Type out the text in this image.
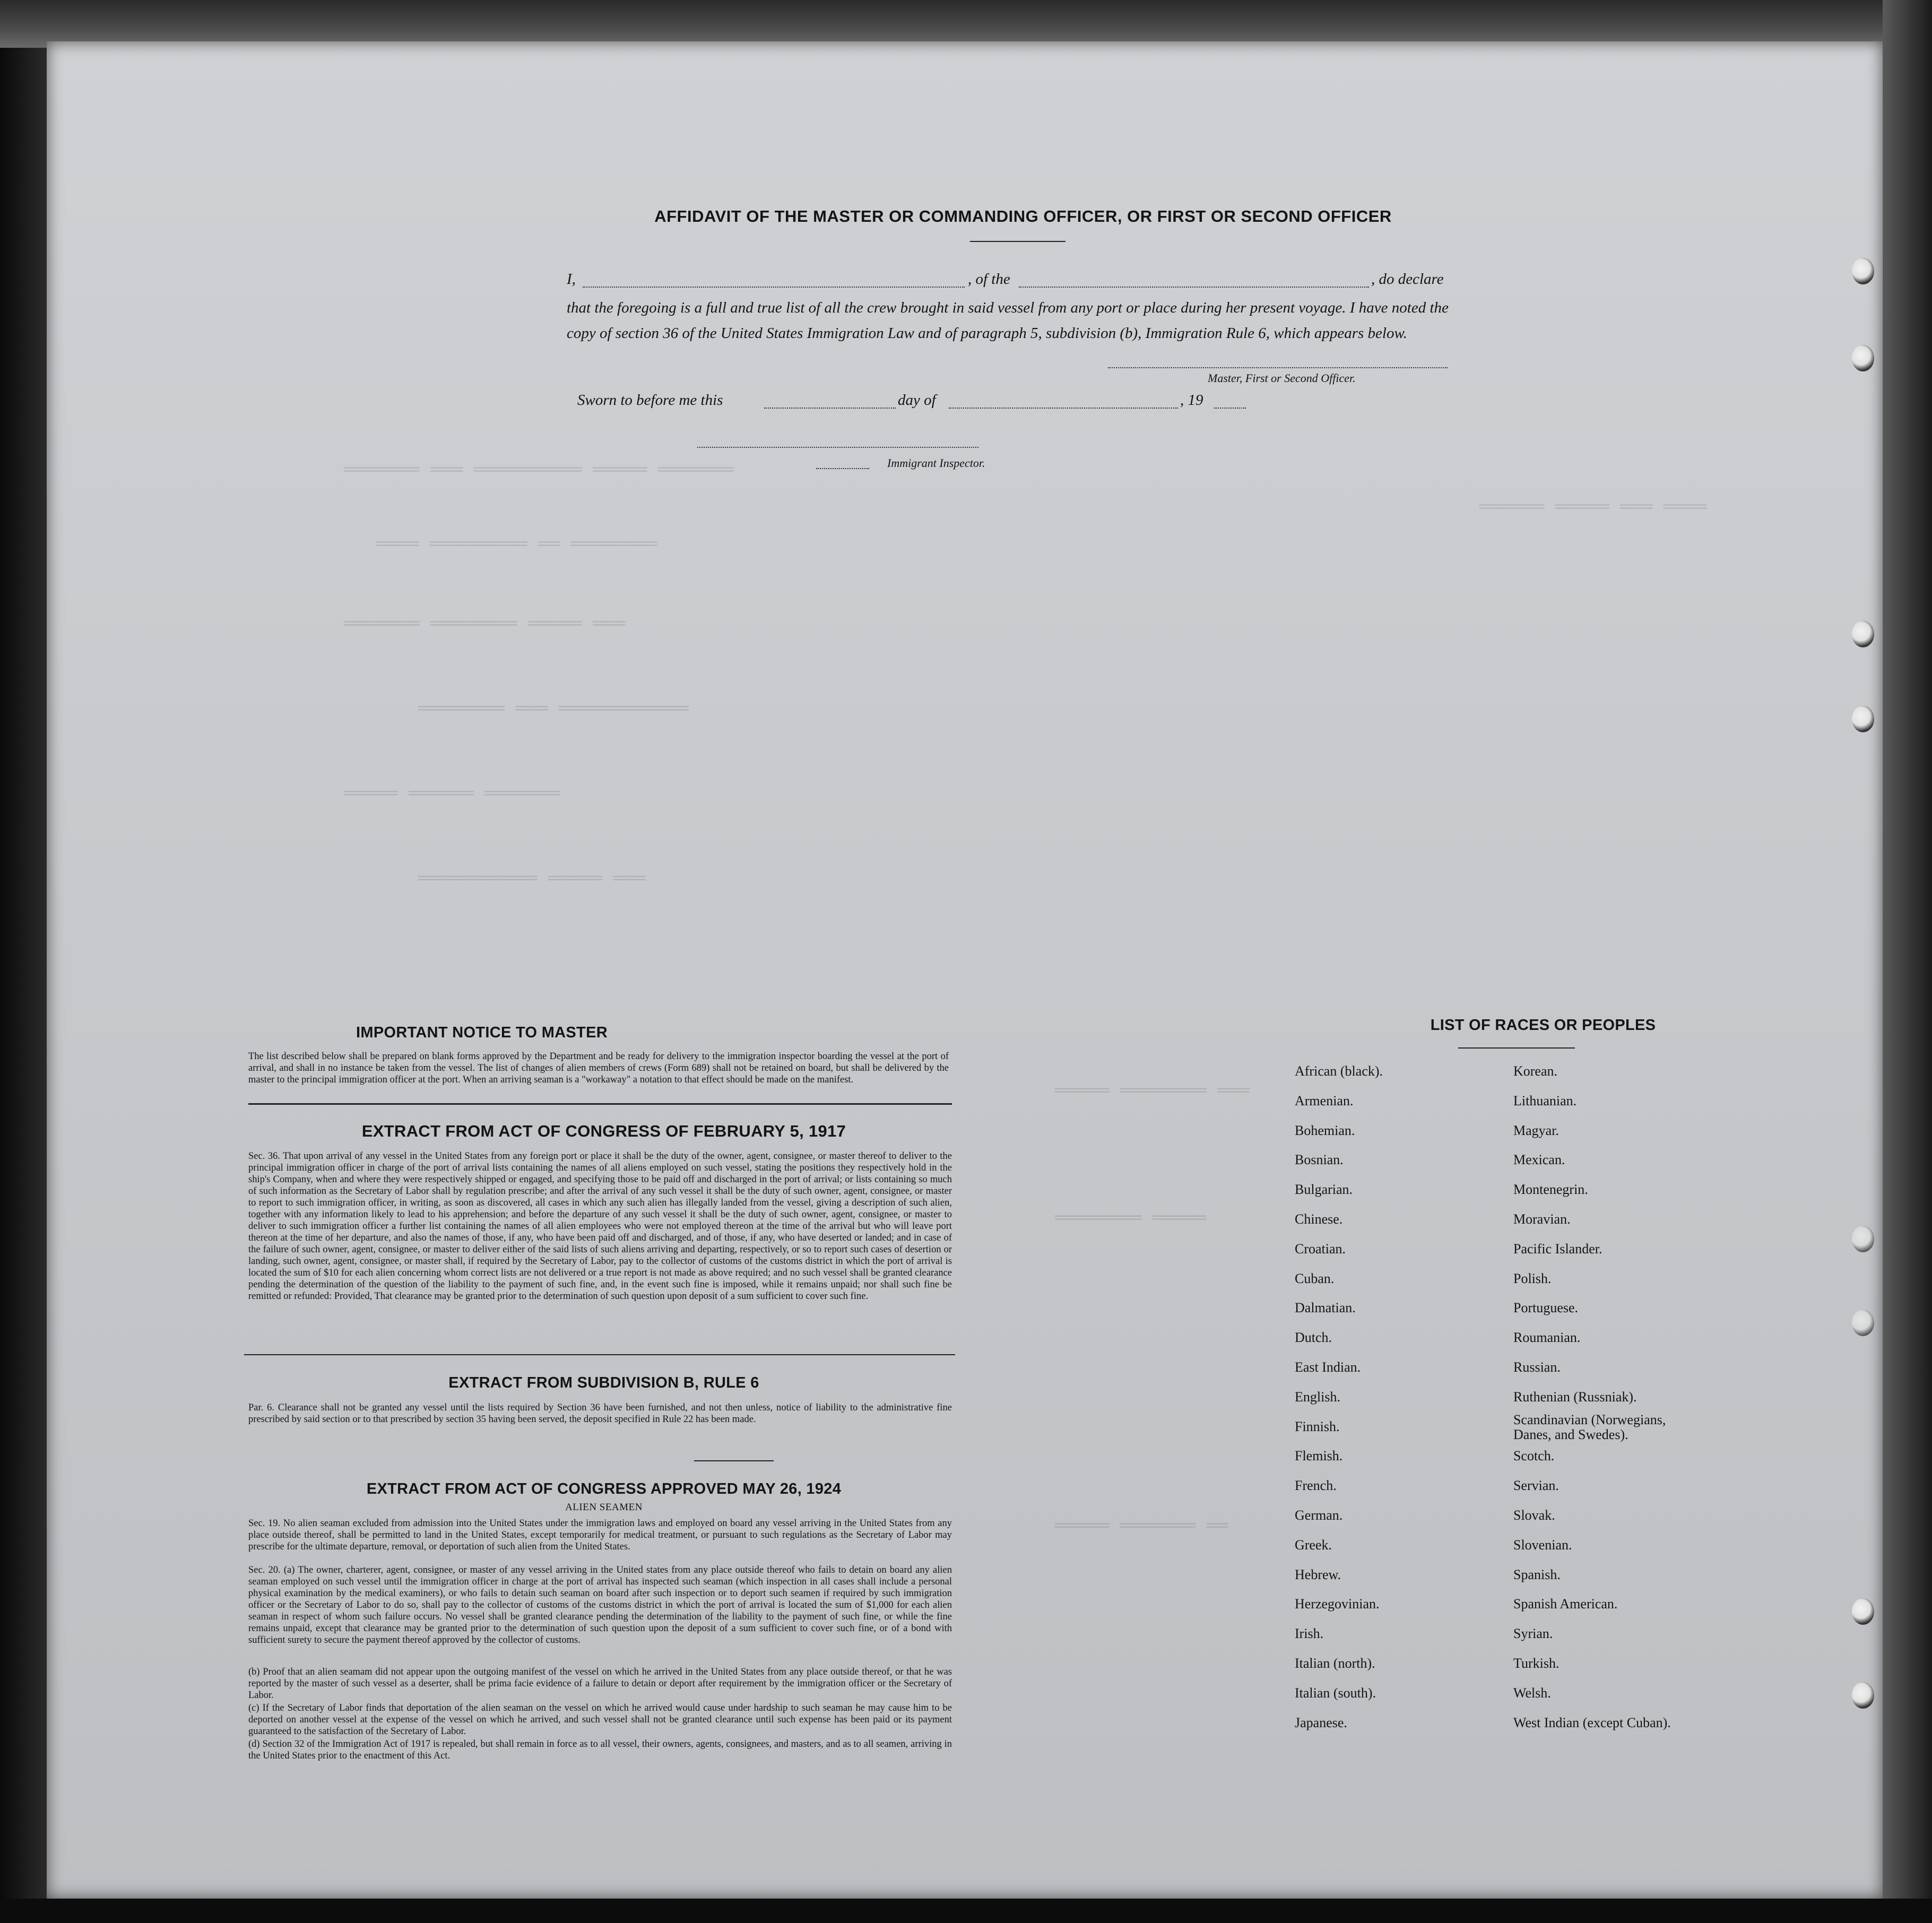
═══════ ═══ ══════════ ═════ ═══════
════ ═════════ ══ ════════
═══════ ════════ ═════ ═══
════════ ═══ ════════════
═════ ══════ ═══════
═══════════ ═════ ═══
═════ ════════ ═══
════════ ═════
═════ ═══════ ══
══════ ═════ ═══ ════
AFFIDAVIT OF THE MASTER OR COMMANDING OFFICER, OR FIRST OR SECOND OFFICER
I,	, of the	, do declare
that the foregoing is a full and true list of all the crew brought in said vessel from any port or place during her present voyage. I have noted the copy of section 36 of the United States Immigration Law and of paragraph 5, subdivision (b), Immigration Rule 6, which appears below.
Master, First or Second Officer.
Sworn to before me this	day of	, 19
Immigrant Inspector.
IMPORTANT NOTICE TO MASTER
The list described below shall be prepared on blank forms approved by the Department and be ready for delivery to the immigration inspector boarding the vessel at the port of arrival, and shall in no instance be taken from the vessel. The list of changes of alien members of crews (Form 689) shall not be retained on board, but shall be delivered by the master to the principal immigration officer at the port. When an arriving seaman is a "workaway" a notation to that effect should be made on the manifest.
EXTRACT FROM ACT OF CONGRESS OF FEBRUARY 5, 1917
Sec. 36. That upon arrival of any vessel in the United States from any foreign port or place it shall be the duty of the owner, agent, consignee, or master thereof to deliver to the principal immigration officer in charge of the port of arrival lists containing the names of all aliens employed on such vessel, stating the positions they respectively hold in the ship's Company, when and where they were respectively shipped or engaged, and specifying those to be paid off and discharged in the port of arrival; or lists containing so much of such information as the Secretary of Labor shall by regulation prescribe; and after the arrival of any such vessel it shall be the duty of such owner, agent, consignee, or master to report to such immigration officer, in writing, as soon as discovered, all cases in which any such alien has illegally landed from the vessel, giving a description of such alien, together with any information likely to lead to his apprehension; and before the departure of any such vessel it shall be the duty of such owner, agent, consignee, or master to deliver to such immigration officer a further list containing the names of all alien employees who were not employed thereon at the time of the arrival but who will leave port thereon at the time of her departure, and also the names of those, if any, who have been paid off and discharged, and of those, if any, who have deserted or landed; and in case of the failure of such owner, agent, consignee, or master to deliver either of the said lists of such aliens arriving and departing, respectively, or so to report such cases of desertion or landing, such owner, agent, consignee, or master shall, if required by the Secretary of Labor, pay to the collector of customs of the customs district in which the port of arrival is located the sum of $10 for each alien concerning whom correct lists are not delivered or a true report is not made as above required; and no such vessel shall be granted clearance pending the determination of the question of the liability to the payment of such fine, and, in the event such fine is imposed, while it remains unpaid; nor shall such fine be remitted or refunded: Provided, That clearance may be granted prior to the determination of such question upon deposit of a sum sufficient to cover such fine.
EXTRACT FROM SUBDIVISION B, RULE 6
Par. 6. Clearance shall not be granted any vessel until the lists required by Section 36 have been furnished, and not then unless, notice of liability to the administrative fine prescribed by said section or to that prescribed by section 35 having been served, the deposit specified in Rule 22 has been made.
EXTRACT FROM ACT OF CONGRESS APPROVED MAY 26, 1924
ALIEN SEAMEN
Sec. 19. No alien seaman excluded from admission into the United States under the immigration laws and employed on board any vessel arriving in the United States from any place outside thereof, shall be permitted to land in the United States, except temporarily for medical treatment, or pursuant to such regulations as the Secretary of Labor may prescribe for the ultimate departure, removal, or deportation of such alien from the United States.
Sec. 20. (a) The owner, charterer, agent, consignee, or master of any vessel arriving in the United states from any place outside thereof who fails to detain on board any alien seaman employed on such vessel until the immigration officer in charge at the port of arrival has inspected such seaman (which inspection in all cases shall include a personal physical examination by the medical examiners), or who fails to detain such seaman on board after such inspection or to deport such seamen if required by such immigration officer or the Secretary of Labor to do so, shall pay to the collector of customs of the customs district in which the port of arrival is located the sum of $1,000 for each alien seaman in respect of whom such failure occurs. No vessel shall be granted clearance pending the determination of the liability to the payment of such fine, or while the fine remains unpaid, except that clearance may be granted prior to the determination of such question upon the deposit of a sum sufficient to cover such fine, or of a bond with sufficient surety to secure the payment thereof approved by the collector of customs.
(b) Proof that an alien seamam did not appear upon the outgoing manifest of the vessel on which he arrived in the United States from any place outside thereof, or that he was reported by the master of such vessel as a deserter, shall be prima facie evidence of a failure to detain or deport after requirement by the immigration officer or the Secretary of Labor.
(c) If the Secretary of Labor finds that deportation of the alien seaman on the vessel on which he arrived would cause under hardship to such seaman he may cause him to be deported on another vessel at the expense of the vessel on which he arrived, and such vessel shall not be granted clearance until such expense has been paid or its payment guaranteed to the satisfaction of the Secretary of Labor.
(d) Section 32 of the Immigration Act of 1917 is repealed, but shall remain in force as to all vessel, their owners, agents, consignees, and masters, and as to all seamen, arriving in the United States prior to the enactment of this Act.
LIST OF RACES OR PEOPLES
African (black).
Armenian.
Bohemian.
Bosnian.
Bulgarian.
Chinese.
Croatian.
Cuban.
Dalmatian.
Dutch.
East Indian.
English.
Finnish.
Flemish.
French.
German.
Greek.
Hebrew.
Herzegovinian.
Irish.
Italian (north).
Italian (south).
Japanese.
Korean.
Lithuanian.
Magyar.
Mexican.
Montenegrin.
Moravian.
Pacific Islander.
Polish.
Portuguese.
Roumanian.
Russian.
Ruthenian (Russniak).
Scandinavian (Norwegians, Danes, and Swedes).
Scotch.
Servian.
Slovak.
Slovenian.
Spanish.
Spanish American.
Syrian.
Turkish.
Welsh.
West Indian (except Cuban).
